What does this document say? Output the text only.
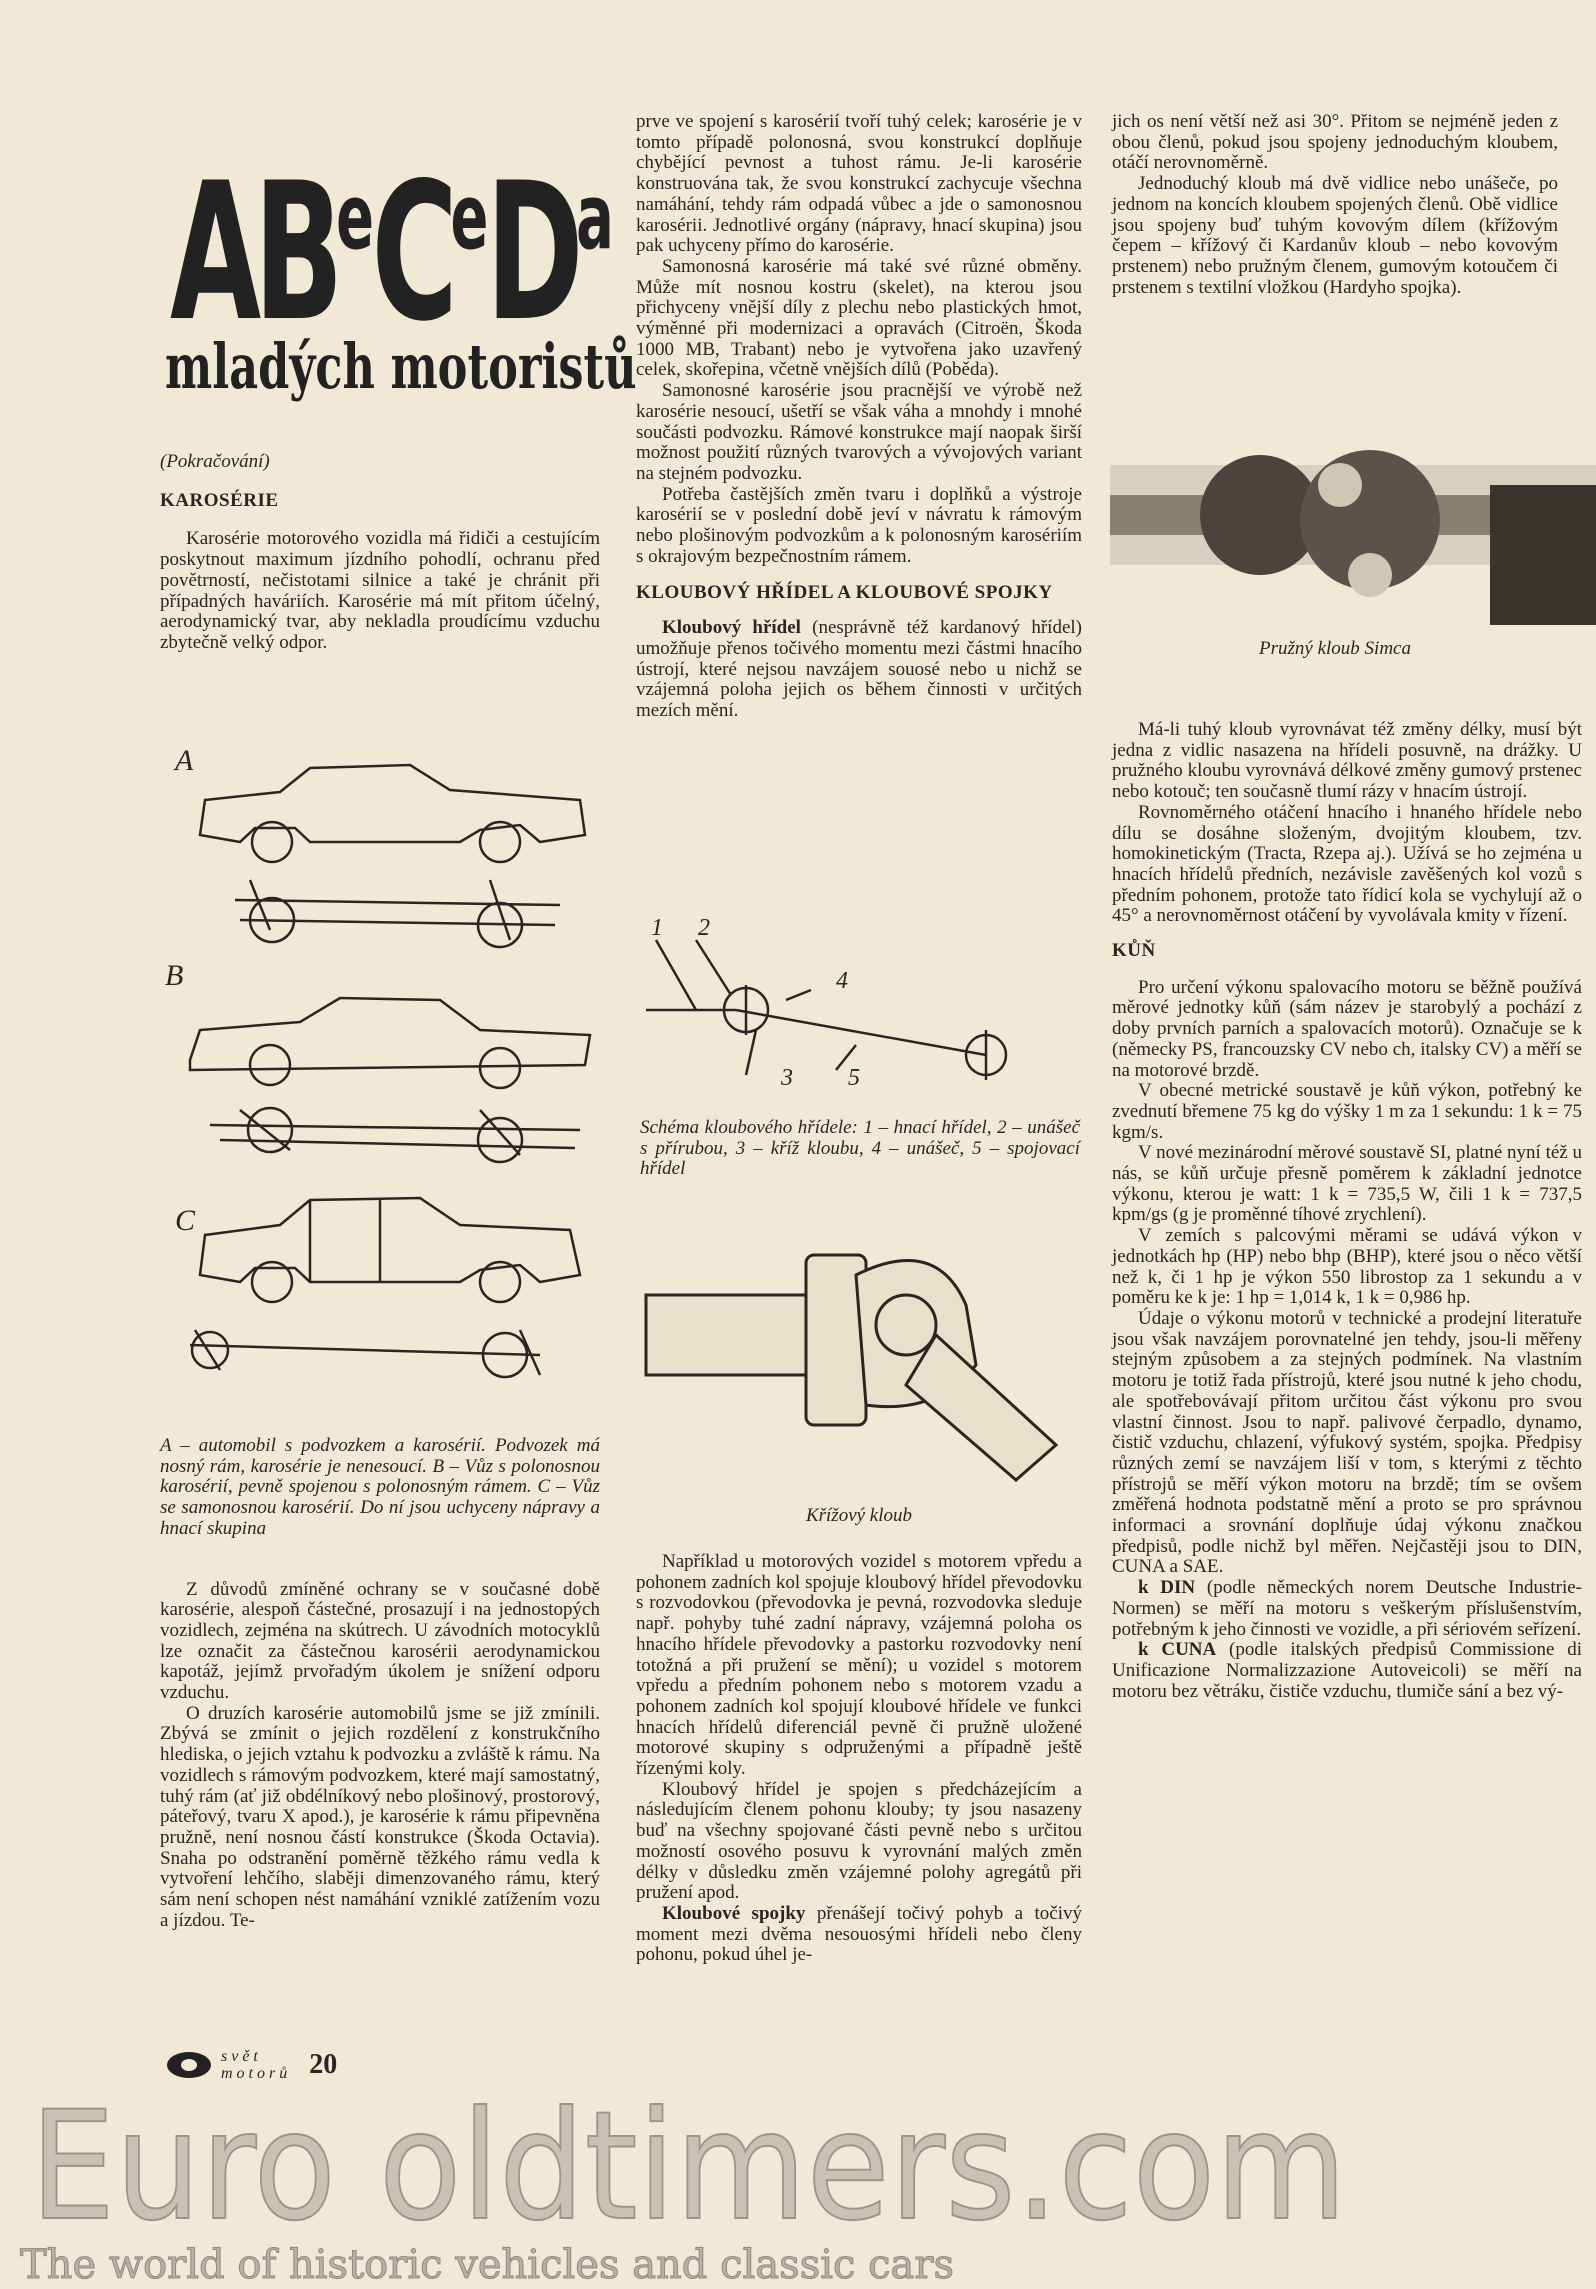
$AB^eCeD^a$
mladých motoristů
(Pokračování)
KAROSÉRIE

Karosérie motorového vozidla má řidiči a cestujícím poskytnout maximum jízdního pohodlí, ochranu před povětrností, nečistotami silnice a také je chránit při případných haváriích. Karosérie má mít přitom účelný, aerodynamický tvar, aby nekladla proudícímu vzduchu zbytečně velký odpor.

A
B
C
A – automobil s podvozkem a karosérií. Podvozek má nosný rám, karosérie je nenesoucí. B – Vůz s polonosnou karosérií, pevně spojenou s polonosným rámem. C – Vůz se samonosnou karosérií. Do ní jsou uchyceny nápravy a hnací skupina

Z důvodů zmíněné ochrany se v současné době karosérie, alespoň částečné, prosazují i na jednostopých vozidlech, zejména na skútrech. U závodních motocyklů lze označit za částečnou karosérii aerodynamickou kapotáž, jejímž prvořadým úkolem je snížení odporu vzduchu.

O druzích karosérie automobilů jsme se již zmínili. Zbývá se zmínit o jejich rozdělení z konstrukčního hlediska, o jejich vztahu k podvozku a zvláště k rámu. Na vozidlech s rámovým podvozkem, které mají samostatný, tuhý rám (ať již obdélníkový nebo plošinový, prostorový, páteřový, tvaru X apod.), je karosérie k rámu připevněna pružně, není nosnou částí konstrukce (Škoda Octavia). Snaha po odstranění poměrně těžkého rámu vedla k vytvoření lehčího, slaběji dimenzovaného rámu, který sám není schopen nést namáhání vzniklé zatížením vozu a jízdou. Te-

prve ve spojení s karosérií tvoří tuhý celek; karosérie je v tomto případě polonosná, svou konstrukcí doplňuje chybějící pevnost a tuhost rámu. Je-li karosérie konstruována tak, že svou konstrukcí zachycuje všechna namáhání, tehdy rám odpadá vůbec a jde o samonosnou karosérii. Jednotlivé orgány (nápravy, hnací skupina) jsou pak uchyceny přímo do karosérie.

Samonosná karosérie má také své různé obměny. Může mít nosnou kostru (skelet), na kterou jsou přichyceny vnější díly z plechu nebo plastických hmot, výměnné při modernizaci a opravách (Citroën, Škoda 1000 MB, Trabant) nebo je vytvořena jako uzavřený celek, skořepina, včetně vnějších dílů (Poběda).

Samonosné karosérie jsou pracnější ve výrobě než karosérie nesoucí, ušetří se však váha a mnohdy i mnohé součásti podvozku. Rámové konstrukce mají naopak širší možnost použití různých tvarových a vývojových variant na stejném podvozku.

Potřeba častějších změn tvaru i doplňků a výstroje karosérií se v poslední době jeví v návratu k rámovým nebo plošinovým podvozkům a k polonosným karosériím s okrajovým bezpečnostním rámem.

KLOUBOVÝ HŘÍDEL A KLOUBOVÉ SPOJKY

Kloubový hřídel (nesprávně též kardanový hřídel) umožňuje přenos točivého momentu mezi částmi hnacího ústrojí, které nejsou navzájem souosé nebo u nichž se vzájemná poloha jejich os během činnosti v určitých mezích mění.

1 2
3
4
5
Schéma kloubového hřídele: 1 – hnací hřídel, 2 – unášeč s přírubou, 3 – kříž kloubu, 4 – unášeč, 5 – spojovací hřídel
Křížový kloub

Například u motorových vozidel s motorem vpředu a pohonem zadních kol spojuje kloubový hřídel převodovku s rozvodovkou (převodovka je pevná, rozvodovka sleduje např. pohyby tuhé zadní nápravy, vzájemná poloha os hnacího hřídele převodovky a pastorku rozvodovky není totožná a při pružení se mění); u vozidel s motorem vpředu a předním pohonem nebo s motorem vzadu a pohonem zadních kol spojují kloubové hřídele ve funkci hnacích hřídelů diferenciál pevně či pružně uložené motorové skupiny s odpruženými a případně ještě řízenými koly.

Kloubový hřídel je spojen s předcházejícím a následujícím členem pohonu klouby; ty jsou nasazeny buď na všechny spojované části pevně nebo s určitou možností osového posuvu k vyrovnání malých změn délky v důsledku změn vzájemné polohy agregátů při pružení apod.

Kloubové spojky přenášejí točivý pohyb a točivý moment mezi dvěma nesouosými hřídeli nebo členy pohonu, pokud úhel je-

jich os není větší než asi 30°. Přitom se nejméně jeden z obou členů, pokud jsou spojeny jednoduchým kloubem, otáčí nerovnoměrně.

Jednoduchý kloub má dvě vidlice nebo unášeče, po jednom na koncích kloubem spojených členů. Obě vidlice jsou spojeny buď tuhým kovovým dílem (křížovým čepem – křížový či Kardanův kloub – nebo kovovým prstenem) nebo pružným členem, gumovým kotoučem či prstenem s textilní vložkou (Hardyho spojka).

Pružný kloub Simca

Má-li tuhý kloub vyrovnávat též změny délky, musí být jedna z vidlic nasazena na hřídeli posuvně, na drážky. U pružného kloubu vyrovnává délkové změny gumový prstenec nebo kotouč; ten současně tlumí rázy v hnacím ústrojí.

Rovnoměrného otáčení hnacího i hnaného hřídele nebo dílu se dosáhne složeným, dvojitým kloubem, tzv. homokinetickým (Tracta, Rzepa aj.). Užívá se ho zejména u hnacích hřídelů předních, nezávisle zavěšených kol vozů s předním pohonem, protože tato řídicí kola se vychylují až o 45° a nerovnoměrnost otáčení by vyvolávala kmity v řízení.

KŮŇ

Pro určení výkonu spalovacího motoru se běžně používá měrové jednotky kůň (sám název je starobylý a pochází z doby prvních parních a spalovacích motorů). Označuje se k (německy PS, francouzsky CV nebo ch, italsky CV) a měří se na motorové brzdě.

V obecné metrické soustavě je kůň výkon, potřebný ke zvednutí břemene 75 kg do výšky 1 m za 1 sekundu: 1 k = 75 kgm/s.

V nové mezinárodní měrové soustavě SI, platné nyní též u nás, se kůň určuje přesně poměrem k základní jednotce výkonu, kterou je watt: 1 k = 735,5 W, čili 1 k = 737,5 kpm/gs (g je proměnné tíhové zrychlení).

V zemích s palcovými měrami se udává výkon v jednotkách hp (HP) nebo bhp (BHP), které jsou o něco větší než k, či 1 hp je výkon 550 librostop za 1 sekundu a v poměru ke k je: 1 hp = 1,014 k, 1 k = 0,986 hp.

Údaje o výkonu motorů v technické a prodejní literatuře jsou však navzájem porovnatelné jen tehdy, jsou-li měřeny stejným způsobem a za stejných podmínek. Na vlastním motoru je totiž řada přístrojů, které jsou nutné k jeho chodu, ale spotřebovávají přitom určitou část výkonu pro svou vlastní činnost. Jsou to např. palivové čerpadlo, dynamo, čistič vzduchu, chlazení, výfukový systém, spojka. Předpisy různých zemí se navzájem liší v tom, s kterými z těchto přístrojů se měří výkon motoru na brzdě; tím se ovšem změřená hodnota podstatně mění a proto se pro správnou informaci a srovnání doplňuje údaj výkonu značkou předpisů, podle nichž byl měřen. Nejčastěji jsou to DIN, CUNA a SAE.

k DIN (podle německých norem Deutsche Industrie-Normen) se měří na motoru s veškerým příslušenstvím, potřebným k jeho činnosti ve vozidle, a při sériovém seřízení.

k CUNA (podle italských předpisů Commissione di Unificazione Normalizzazione Autoveicoli) se měří na motoru bez větráku, čističe vzduchu, tlumiče sání a bez vý-

svět
motorů 20
Euro oldtimers.com
The world of historic vehicles and classic cars
